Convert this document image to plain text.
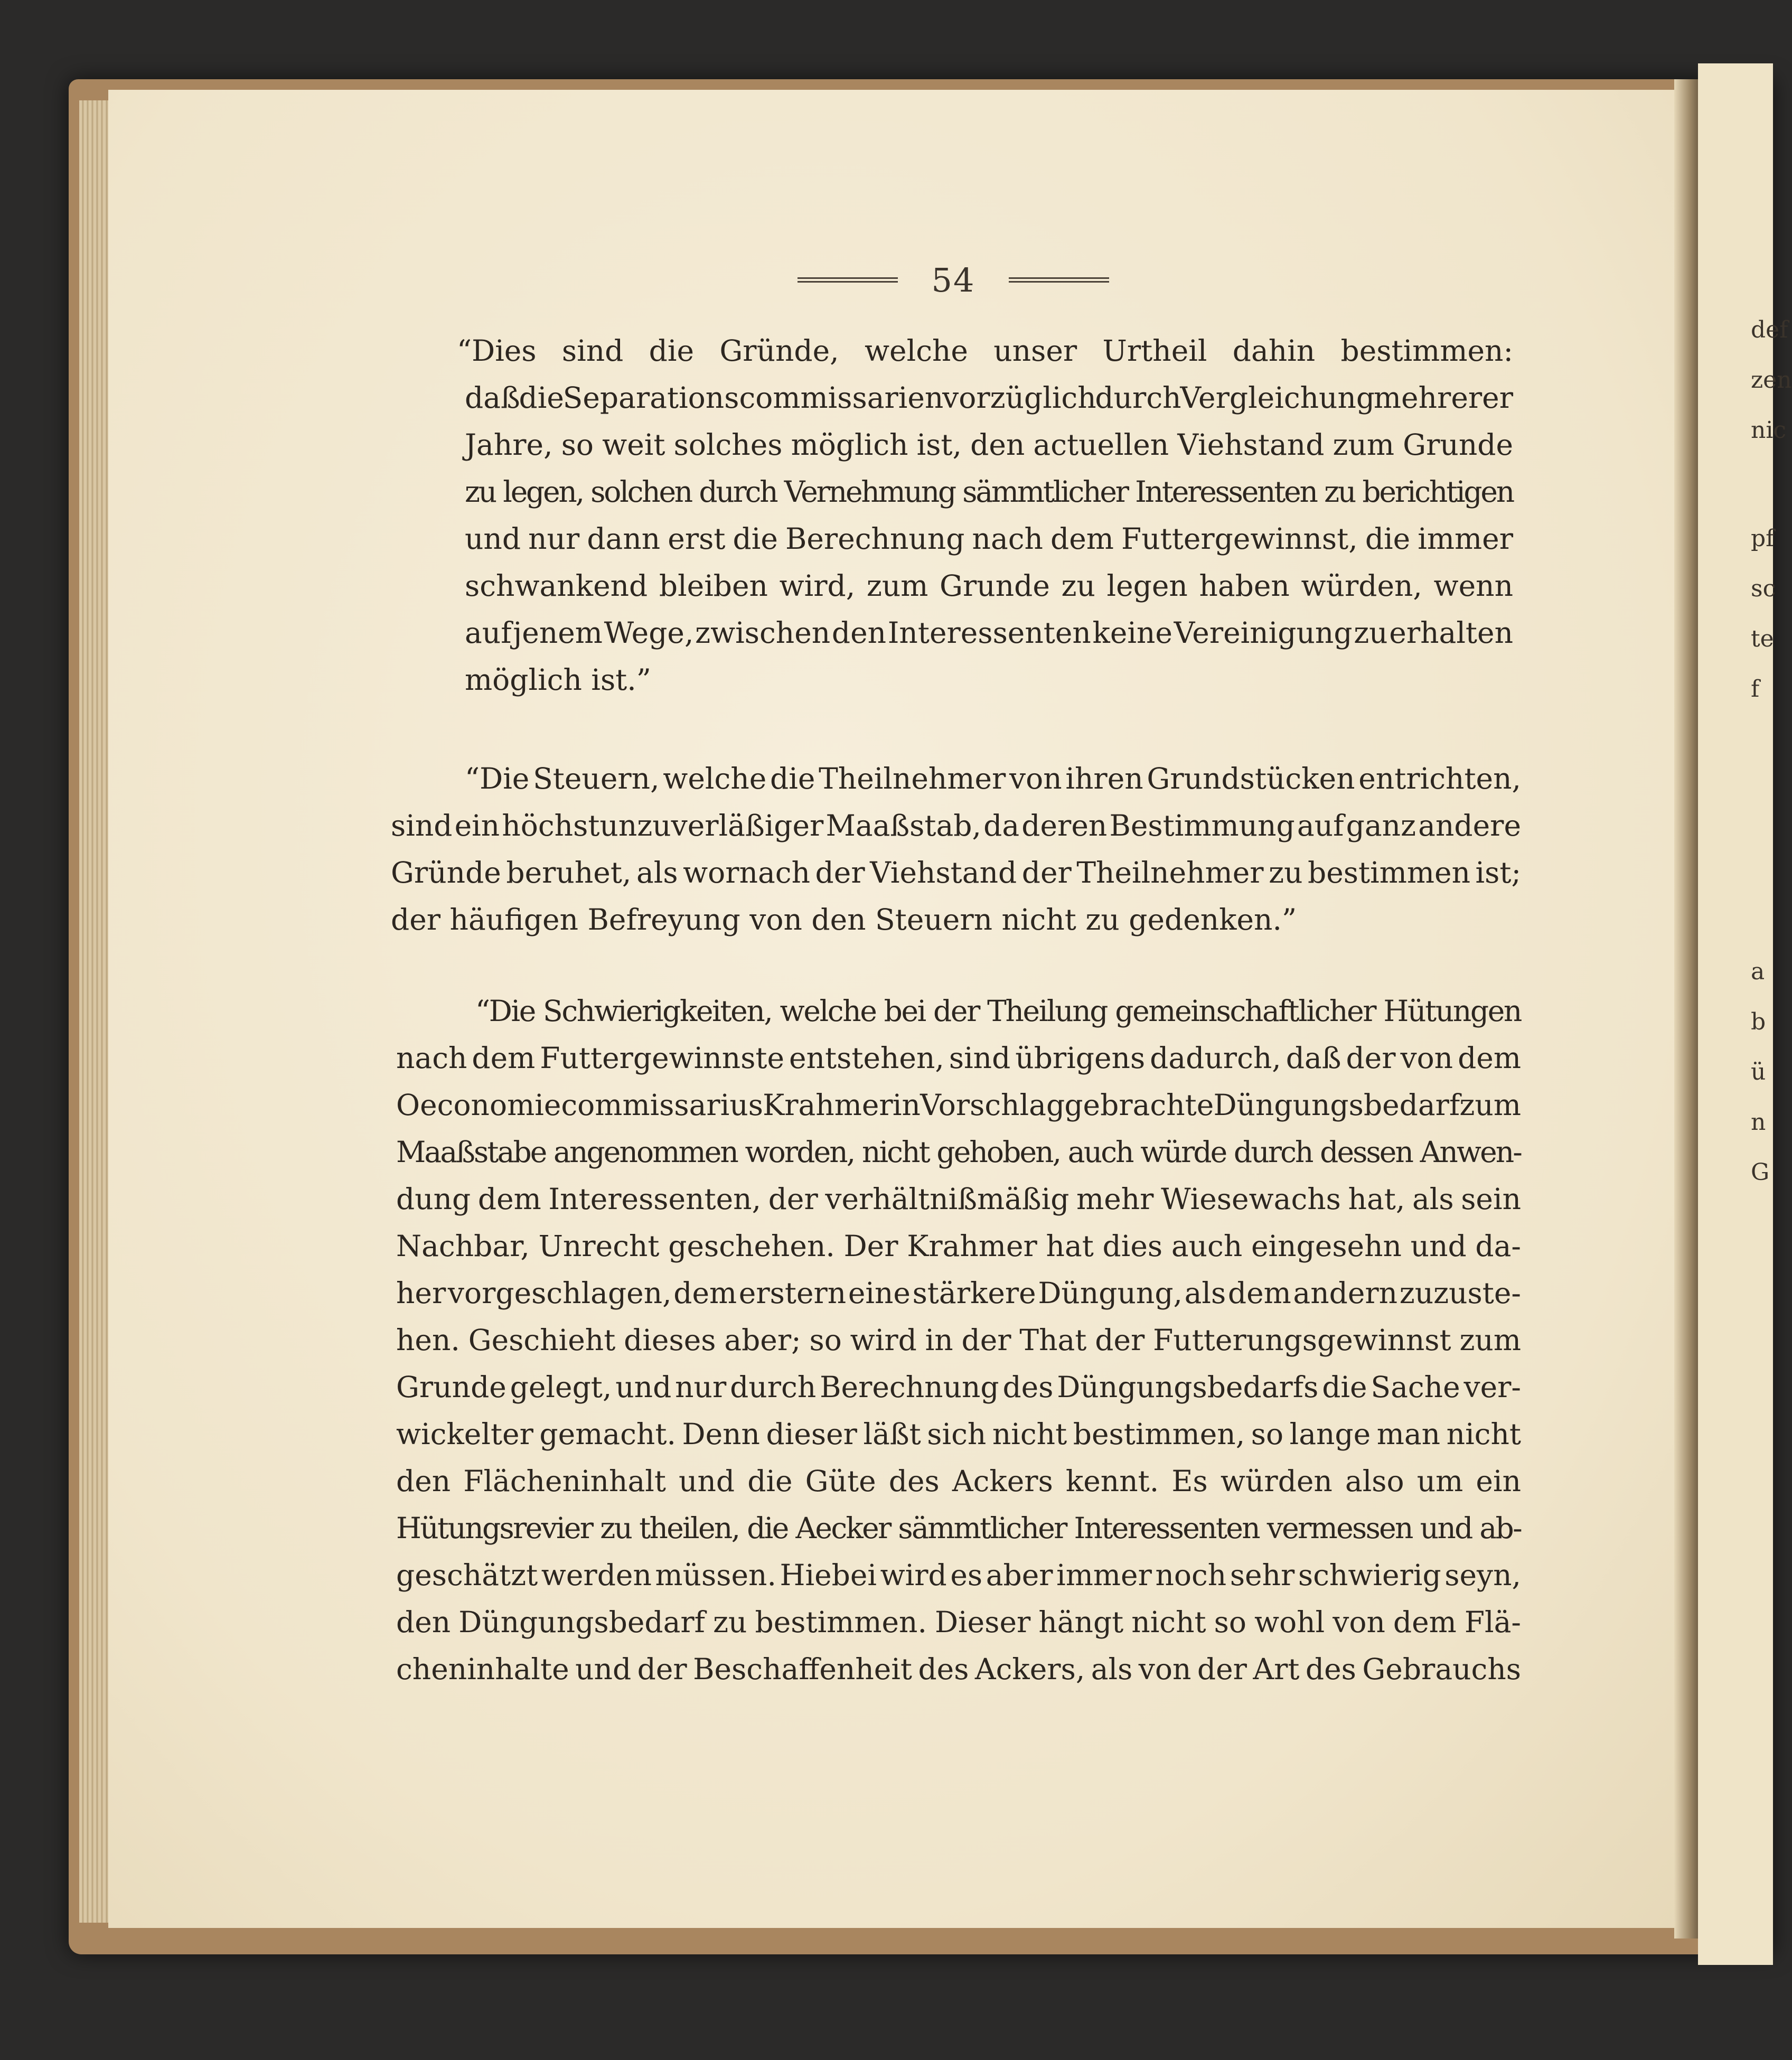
def
zen
nic
pf
sc
te
f
a
b
ü
n
G
54
“Dies sind die Gründe, welche unser Urtheil dahin bestimmen:
daß die Separationscommissarien vorzüglich durch Vergleichung mehrerer
Jahre, so weit solches möglich ist, den actuellen Viehstand zum Grunde
zu legen, solchen durch Vernehmung sämmtlicher Interessenten zu berichtigen
und nur dann erst die Berechnung nach dem Futtergewinnst, die immer
schwankend bleiben wird, zum Grunde zu legen haben würden, wenn
auf jenem Wege, zwischen den Interessenten keine Vereinigung zu erhalten
möglich ist.”
“Die Steuern, welche die Theilnehmer von ihren Grundstücken entrichten,
sind ein höchstunzuverläßiger Maaßstab, da deren Bestimmung auf ganz andere
Gründe beruhet, als wornach der Viehstand der Theilnehmer zu bestimmen ist;
der häufigen Befreyung von den Steuern nicht zu gedenken.”
“Die Schwierigkeiten, welche bei der Theilung gemeinschaftlicher Hütungen
nach dem Futtergewinnste entstehen, sind übrigens dadurch, daß der von dem
Oeconomiecommissarius Krahmer in Vorschlag gebrachte Düngungsbedarf zum
Maaßstabe angenommen worden, nicht gehoben, auch würde durch dessen Anwen-
dung dem Interessenten, der verhältnißmäßig mehr Wiesewachs hat, als sein
Nachbar, Unrecht geschehen. Der Krahmer hat dies auch eingesehn und da-
her vorgeschlagen, dem erstern eine stärkere Düngung, als dem andern zuzuste-
hen. Geschieht dieses aber; so wird in der That der Futterungsgewinnst zum
Grunde gelegt, und nur durch Berechnung des Düngungsbedarfs die Sache ver-
wickelter gemacht. Denn dieser läßt sich nicht bestimmen, so lange man nicht
den Flächeninhalt und die Güte des Ackers kennt. Es würden also um ein
Hütungsrevier zu theilen, die Aecker sämmtlicher Interessenten vermessen und ab-
geschätzt werden müssen. Hiebei wird es aber immer noch sehr schwierig seyn,
den Düngungsbedarf zu bestimmen. Dieser hängt nicht so wohl von dem Flä-
cheninhalte und der Beschaffenheit des Ackers, als von der Art des Gebrauchs
